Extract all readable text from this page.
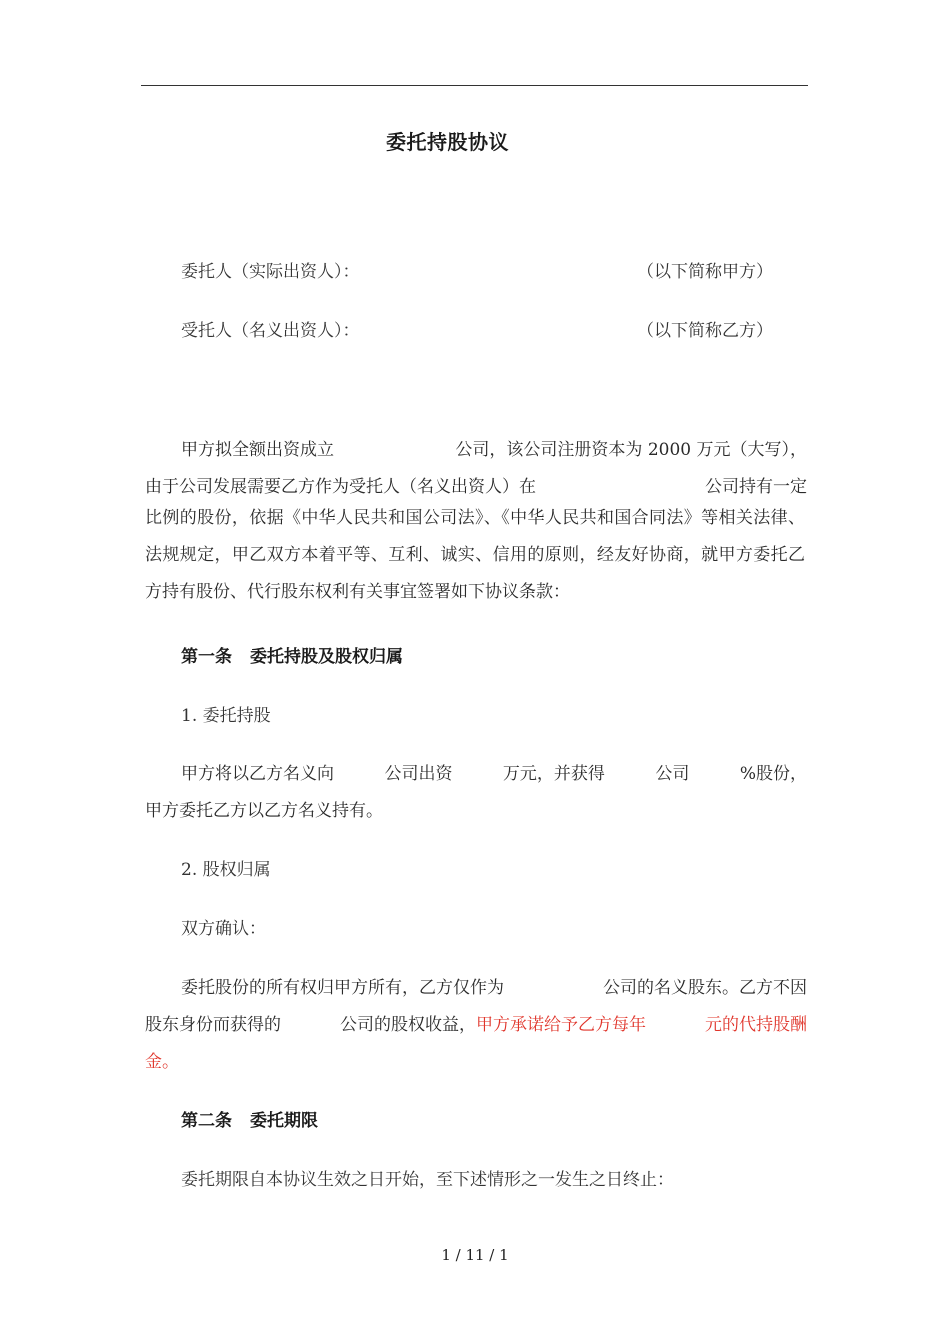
委托持股协议
委托人（实际出资人）：	（以下简称甲方）
受托人（名义出资人）：	（以下简称乙方）
甲方拟全额出资成立	公司，该公司注册资本为 2000 万元（大写），
由于公司发展需要乙方作为受托人（名义出资人）在	公司持有一定
比例的股份，依据《中华人民共和国公司法》、《中华人民共和国合同法》等相关法律、法规规定，甲乙双方本着平等、互利、诚实、信用的原则，经友好协商，就甲方委托乙方持有股份、代行股东权利有关事宜签署如下协议条款：
第一条 委托持股及股权归属
1. 委托持股
甲方将以乙方名义向	公司出资	万元，并获得	公司	%股份，
甲方委托乙方以乙方名义持有。
2. 股权归属
双方确认：
委托股份的所有权归甲方所有，乙方仅作为	公司的名义股东。乙方不因
股东身份而获得的	公司的股权收益，甲方承诺给予乙方每年	元的代持股酬
金。
第二条 委托期限
委托期限自本协议生效之日开始，至下述情形之一发生之日终止：
1 / 11 / 1
